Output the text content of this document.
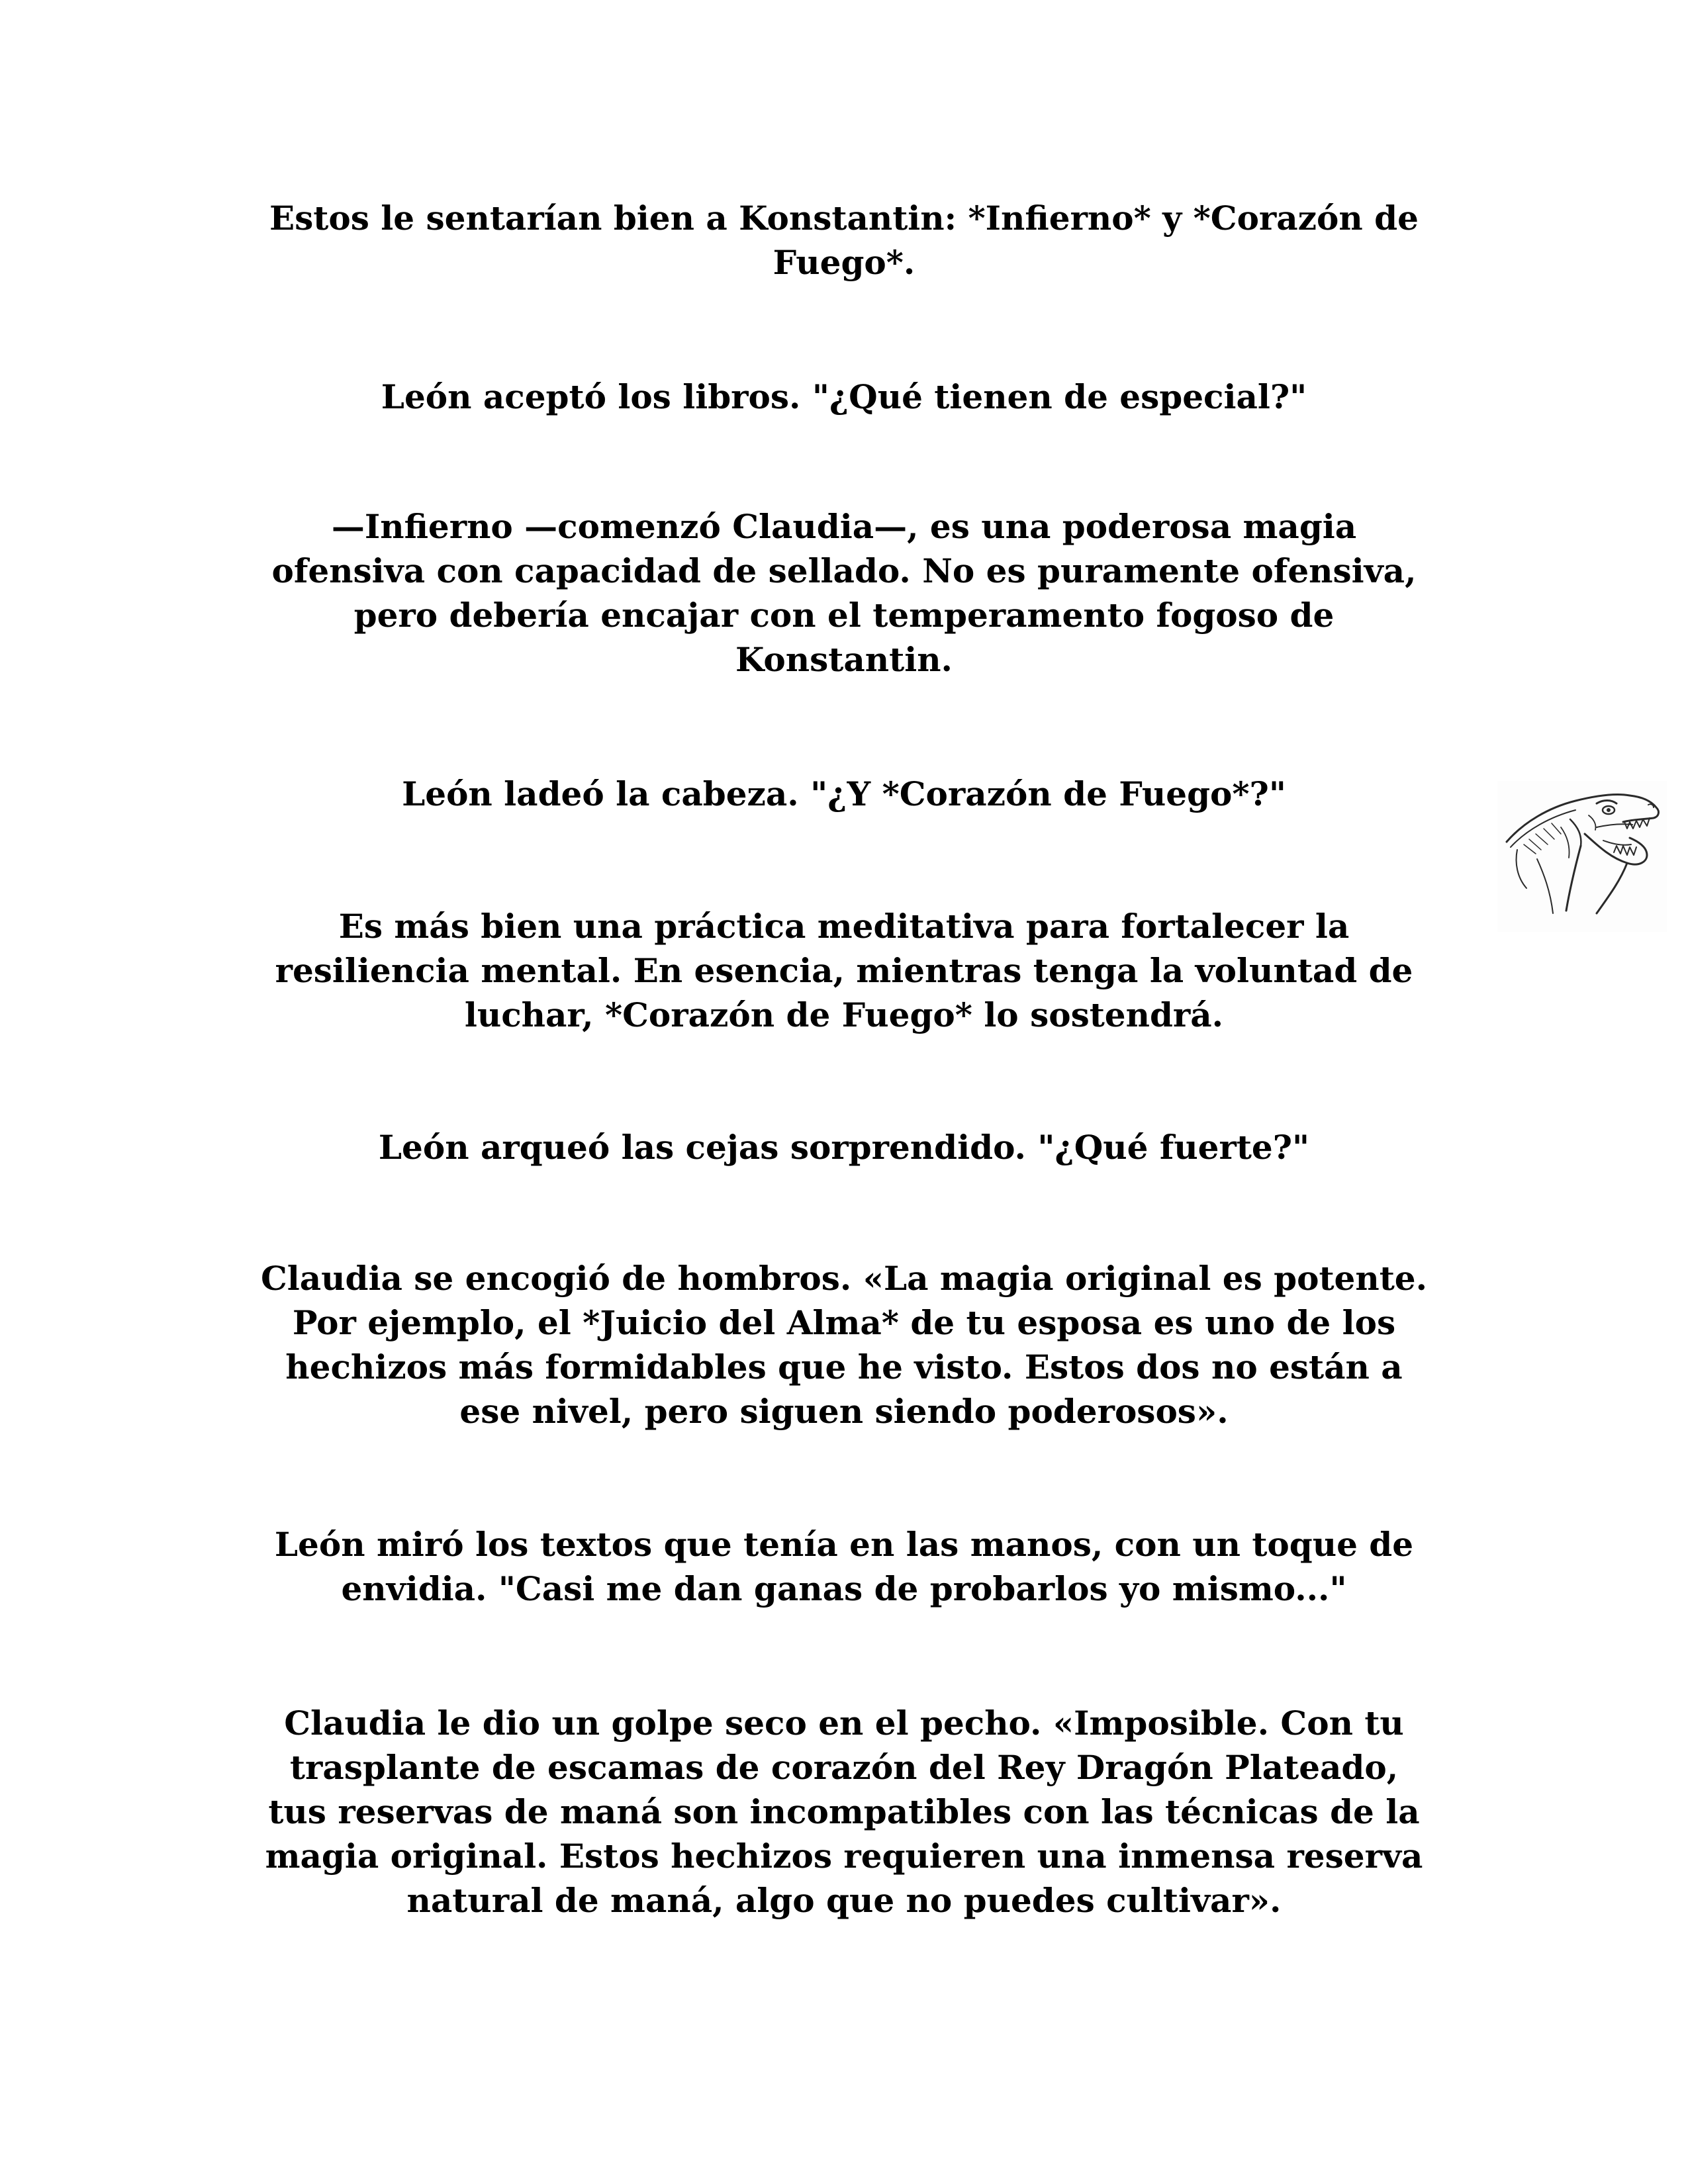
Estos le sentarían bien a Konstantin: *Infierno* y *Corazón de
Fuego*.

León aceptó los libros. "¿Qué tienen de especial?"

—Infierno —comenzó Claudia—, es una poderosa magia
ofensiva con capacidad de sellado. No es puramente ofensiva,
pero debería encajar con el temperamento fogoso de
Konstantin.

León ladeó la cabeza. "¿Y *Corazón de Fuego*?"

Es más bien una práctica meditativa para fortalecer la
resiliencia mental. En esencia, mientras tenga la voluntad de
luchar, *Corazón de Fuego* lo sostendrá.

León arqueó las cejas sorprendido. "¿Qué fuerte?"

Claudia se encogió de hombros. «La magia original es potente.
Por ejemplo, el *Juicio del Alma* de tu esposa es uno de los
hechizos más formidables que he visto. Estos dos no están a
ese nivel, pero siguen siendo poderosos».

León miró los textos que tenía en las manos, con un toque de
envidia. "Casi me dan ganas de probarlos yo mismo..."

Claudia le dio un golpe seco en el pecho. «Imposible. Con tu
trasplante de escamas de corazón del Rey Dragón Plateado,
tus reservas de maná son incompatibles con las técnicas de la
magia original. Estos hechizos requieren una inmensa reserva
natural de maná, algo que no puedes cultivar».
